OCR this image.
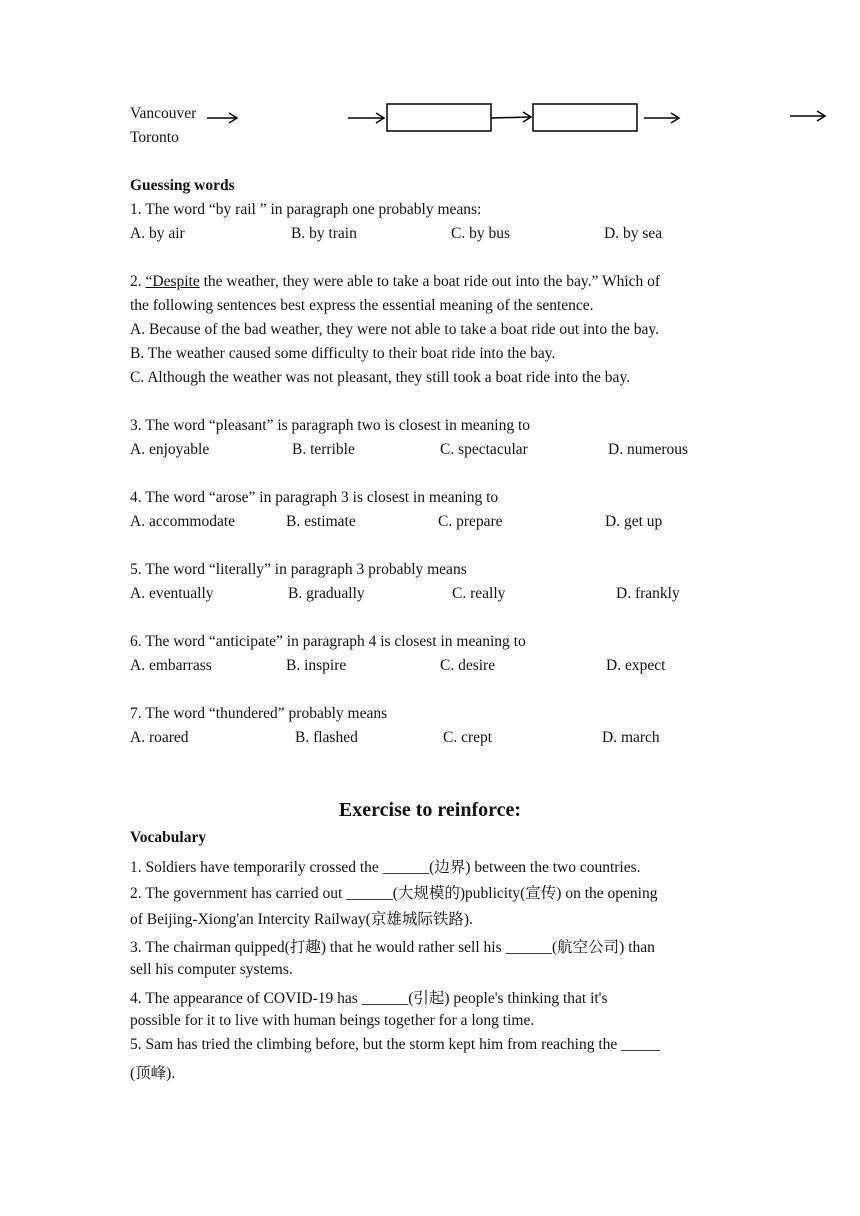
Vancouver
Toronto
Guessing words
1. The word “by rail ” in paragraph one probably means:
A. by air	B. by train	C. by bus	D. by sea
2. “Despite the weather, they were able to take a boat ride out into the bay.” Which of
the following sentences best express the essential meaning of the sentence.
A. Because of the bad weather, they were not able to take a boat ride out into the bay.
B. The weather caused some difficulty to their boat ride into the bay.
C. Although the weather was not pleasant, they still took a boat ride into the bay.
3. The word “pleasant” is paragraph two is closest in meaning to
A. enjoyable	B. terrible	C. spectacular	D. numerous
4. The word “arose” in paragraph 3 is closest in meaning to
A. accommodate	B. estimate	C. prepare	D. get up
5. The word “literally” in paragraph 3 probably means
A. eventually	B. gradually	C. really	D. frankly
6. The word “anticipate” in paragraph 4 is closest in meaning to
A. embarrass	B. inspire	C. desire	D. expect
7. The word “thundered” probably means
A. roared	B. flashed	C. crept	D. march
Exercise to reinforce:
Vocabulary
1. Soldiers have temporarily crossed the ______(边界) between the two countries.
2. The government has carried out ______(大规模的)publicity(宣传) on the opening
of Beijing-Xiong'an Intercity Railway(京雄城际铁路).
3. The chairman quipped(打趣) that he would rather sell his ______(航空公司) than
sell his computer systems.
4. The appearance of COVID-19 has ______(引起) people's thinking that it's
possible for it to live with human beings together for a long time.
5. Sam has tried the climbing before, but the storm kept him from reaching the _____
(顶峰).
